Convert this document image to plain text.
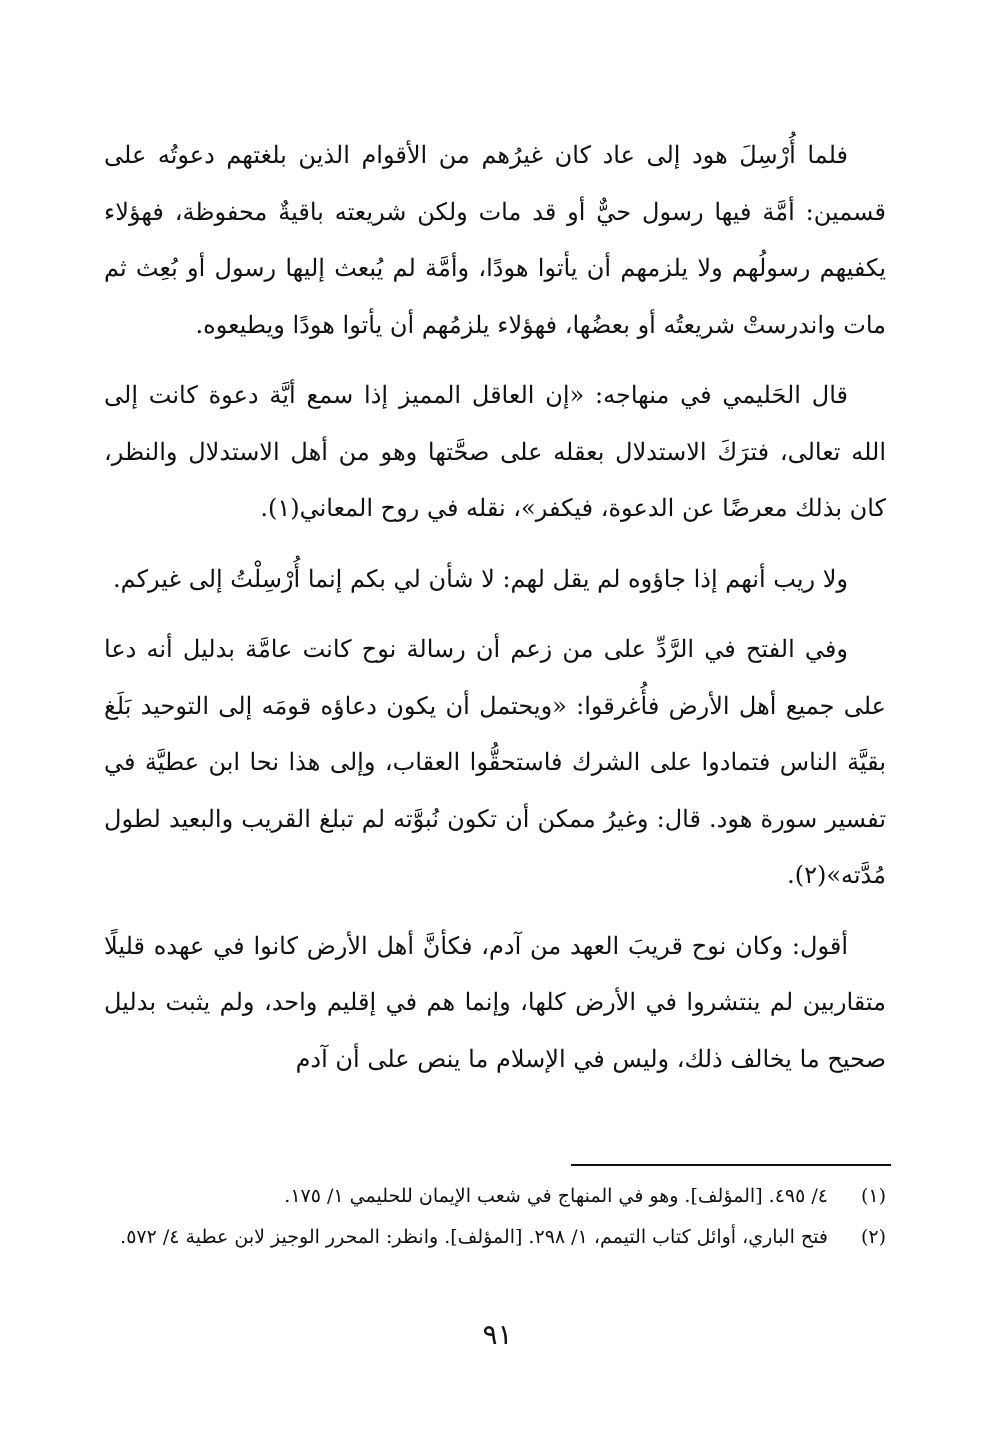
فلما أُرْسِلَ هود إلى عاد كان غيرُهم من الأقوام الذين بلغتهم دعوتُه على قسمين: أمَّة فيها رسول حيٌّ أو قد مات ولكن شريعته باقيةٌ محفوظة، فهؤلاء يكفيهم رسولُهم ولا يلزمهم أن يأتوا هودًا، وأمَّة لم يُبعث إليها رسول أو بُعِث ثم مات واندرستْ شريعتُه أو بعضُها، فهؤلاء يلزمُهم أن يأتوا هودًا ويطيعوه.

قال الحَليمي في منهاجه: «إن العاقل المميز إذا سمع أيَّة دعوة كانت إلى الله تعالى، فترَكَ الاستدلال بعقله على صحَّتها وهو من أهل الاستدلال والنظر، كان بذلك معرضًا عن الدعوة، فيكفر»، نقله في روح المعاني(١).

ولا ريب أنهم إذا جاؤوه لم يقل لهم: لا شأن لي بكم إنما أُرْسِلْتُ إلى غيركم.

وفي الفتح في الرَّدِّ على من زعم أن رسالة نوح كانت عامَّة بدليل أنه دعا على جميع أهل الأرض فأُغرقوا: «ويحتمل أن يكون دعاؤه قومَه إلى التوحيد بَلَغ بقيَّة الناس فتمادوا على الشرك فاستحقُّوا العقاب، وإلى هذا نحا ابن عطيَّة في تفسير سورة هود. قال: وغيرُ ممكن أن تكون نُبوَّته لم تبلغ القريب والبعيد لطول مُدَّته»(٢).

أقول: وكان نوح قريبَ العهد من آدم، فكأنَّ أهل الأرض كانوا في عهده قليلًا متقاربين لم ينتشروا في الأرض كلها، وإنما هم في إقليم واحد، ولم يثبت بدليل صحيح ما يخالف ذلك، وليس في الإسلام ما ينص على أن آدم

(١)
٤/ ٤٩٥. [المؤلف]. وهو في المنهاج في شعب الإيمان للحليمي ١/ ١٧٥.
(٢)
فتح الباري، أوائل كتاب التيمم، ١/ ٢٩٨. [المؤلف]. وانظر: المحرر الوجيز لابن عطية ٤/ ٥٧٢.
٩١
